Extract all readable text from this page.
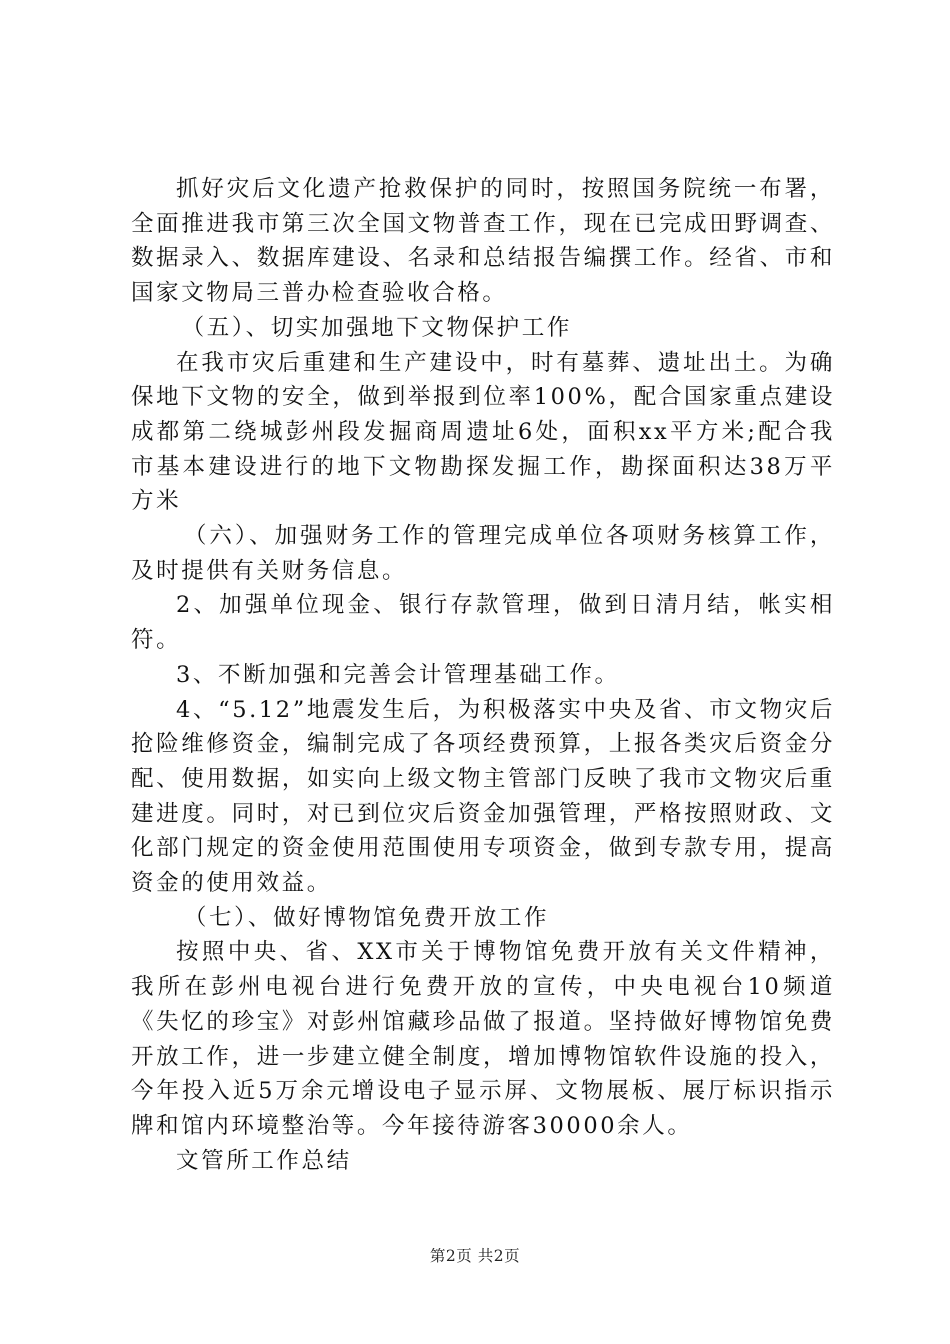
抓好灾后文化遗产抢救保护的同时，按照国务院统一布署，全面推进我市第三次全国文物普查工作，现在已完成田野调查、数据录入、数据库建设、名录和总结报告编撰工作。经省、市和国家文物局三普办检查验收合格。

（五）、切实加强地下文物保护工作

在我市灾后重建和生产建设中，时有墓葬、遗址出土。为确保地下文物的安全，做到举报到位率100%，配合国家重点建设成都第二绕城彭州段发掘商周遗址6处，面积xx平方米;配合我市基本建设进行的地下文物勘探发掘工作，勘探面积达38万平方米

（六）、加强财务工作的管理完成单位各项财务核算工作，及时提供有关财务信息。

2、加强单位现金、银行存款管理，做到日清月结，帐实相符。

3、不断加强和完善会计管理基础工作。

4、“5.12”地震发生后，为积极落实中央及省、市文物灾后抢险维修资金，编制完成了各项经费预算，上报各类灾后资金分配、使用数据，如实向上级文物主管部门反映了我市文物灾后重建进度。同时，对已到位灾后资金加强管理，严格按照财政、文化部门规定的资金使用范围使用专项资金，做到专款专用，提高资金的使用效益。

（七）、做好博物馆免费开放工作

按照中央、省、XX市关于博物馆免费开放有关文件精神，我所在彭州电视台进行免费开放的宣传，中央电视台10频道《失忆的珍宝》对彭州馆藏珍品做了报道。坚持做好博物馆免费开放工作，进一步建立健全制度，增加博物馆软件设施的投入，今年投入近5万余元增设电子显示屏、文物展板、展厅标识指示牌和馆内环境整治等。今年接待游客30000余人。

文管所工作总结

第2页 共2页
